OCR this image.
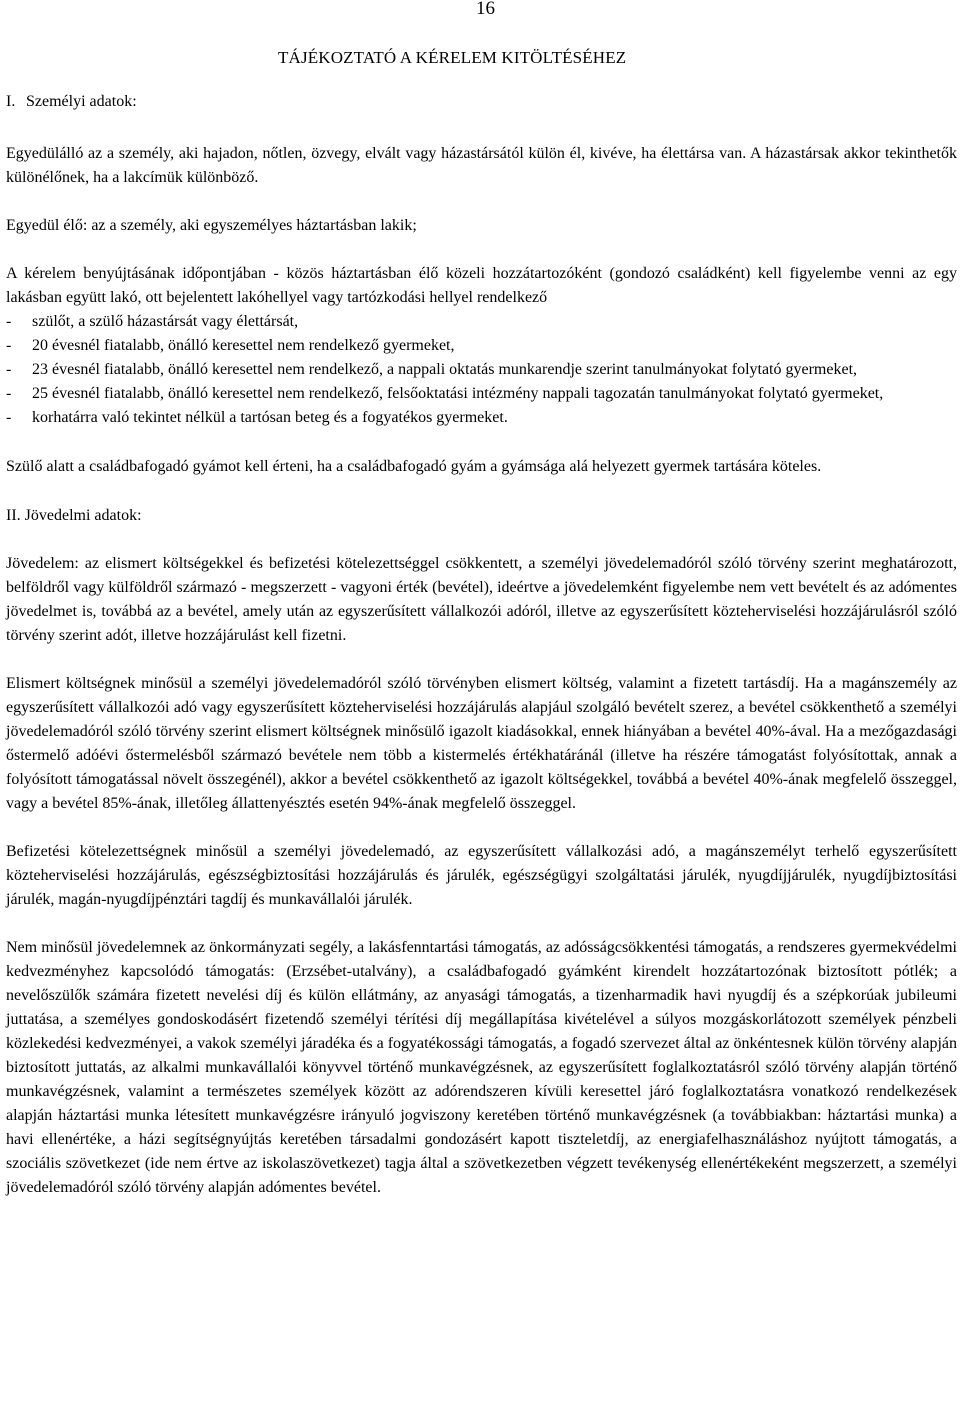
16
TÁJÉKOZTATÓ A KÉRELEM KITÖLTÉSÉHEZ
I. Személyi adatok:

Egyedülálló az a személy, aki hajadon, nőtlen, özvegy, elvált vagy házastársától külön él, kivéve, ha élettársa van. A házastársak akkor tekinthetők különélőnek, ha a lakcímük különböző.

Egyedül élő: az a személy, aki egyszemélyes háztartásban lakik;

A kérelem benyújtásának időpontjában - közös háztartásban élő közeli hozzátartozóként (gondozó családként) kell figyelembe venni az egy lakásban együtt lakó, ott bejelentett lakóhellyel vagy tartózkodási hellyel rendelkező

- szülőt, a szülő házastársát vagy élettársát,
- 20 évesnél fiatalabb, önálló keresettel nem rendelkező gyermeket,
- 23 évesnél fiatalabb, önálló keresettel nem rendelkező, a nappali oktatás munkarendje szerint tanulmányokat folytató gyermeket,
- 25 évesnél fiatalabb, önálló keresettel nem rendelkező, felsőoktatási intézmény nappali tagozatán tanulmányokat folytató gyermeket,
- korhatárra való tekintet nélkül a tartósan beteg és a fogyatékos gyermeket.

Szülő alatt a családbafogadó gyámot kell érteni, ha a családbafogadó gyám a gyámsága alá helyezett gyermek tartására köteles.

II. Jövedelmi adatok:

Jövedelem: az elismert költségekkel és befizetési kötelezettséggel csökkentett, a személyi jövedelemadóról szóló törvény szerint meghatározott, belföldről vagy külföldről származó - megszerzett - vagyoni érték (bevétel), ideértve a jövedelemként figyelembe nem vett bevételt és az adómentes jövedelmet is, továbbá az a bevétel, amely után az egyszerűsített vállalkozói adóról, illetve az egyszerűsített közteherviselési hozzájárulásról szóló törvény szerint adót, illetve hozzájárulást kell fizetni.

Elismert költségnek minősül a személyi jövedelemadóról szóló törvényben elismert költség, valamint a fizetett tartásdíj. Ha a magánszemély az egyszerűsített vállalkozói adó vagy egyszerűsített közteherviselési hozzájárulás alapjául szolgáló bevételt szerez, a bevétel csökkenthető a személyi jövedelemadóról szóló törvény szerint elismert költségnek minősülő igazolt kiadásokkal, ennek hiányában a bevétel 40%-ával. Ha a mezőgazdasági őstermelő adóévi őstermelésből származó bevétele nem több a kistermelés értékhatáránál (illetve ha részére támogatást folyósítottak, annak a folyósított támogatással növelt összegénél), akkor a bevétel csökkenthető az igazolt költségekkel, továbbá a bevétel 40%-ának megfelelő összeggel, vagy a bevétel 85%-ának, illetőleg állattenyésztés esetén 94%-ának megfelelő összeggel.

Befizetési kötelezettségnek minősül a személyi jövedelemadó, az egyszerűsített vállalkozási adó, a magánszemélyt terhelő egyszerűsített közteherviselési hozzájárulás, egészségbiztosítási hozzájárulás és járulék, egészségügyi szolgáltatási járulék, nyugdíjjárulék, nyugdíjbiztosítási járulék, magán-nyugdíjpénztári tagdíj és munkavállalói járulék.

Nem minősül jövedelemnek az önkormányzati segély, a lakásfenntartási támogatás, az adósságcsökkentési támogatás, a rendszeres gyermekvédelmi kedvezményhez kapcsolódó támogatás: (Erzsébet-utalvány), a családbafogadó gyámként kirendelt hozzátartozónak biztosított pótlék; a nevelőszülők számára fizetett nevelési díj és külön ellátmány, az anyasági támogatás, a tizenharmadik havi nyugdíj és a szépkorúak jubileumi juttatása, a személyes gondoskodásért fizetendő személyi térítési díj megállapítása kivételével a súlyos mozgáskorlátozott személyek pénzbeli közlekedési kedvezményei, a vakok személyi járadéka és a fogyatékossági támogatás, a fogadó szervezet által az önkéntesnek külön törvény alapján biztosított juttatás, az alkalmi munkavállalói könyvvel történő munkavégzésnek, az egyszerűsített foglalkoztatásról szóló törvény alapján történő munkavégzésnek, valamint a természetes személyek között az adórendszeren kívüli keresettel járó foglalkoztatásra vonatkozó rendelkezések alapján háztartási munka létesített munkavégzésre irányuló jogviszony keretében történő munkavégzésnek (a továbbiakban: háztartási munka) a havi ellenértéke, a házi segítségnyújtás keretében társadalmi gondozásért kapott tiszteletdíj, az energiafelhasználáshoz nyújtott támogatás, a szociális szövetkezet (ide nem értve az iskolaszövetkezet) tagja által a szövetkezetben végzett tevékenység ellenértékeként megszerzett, a személyi jövedelemadóról szóló törvény alapján adómentes bevétel.
